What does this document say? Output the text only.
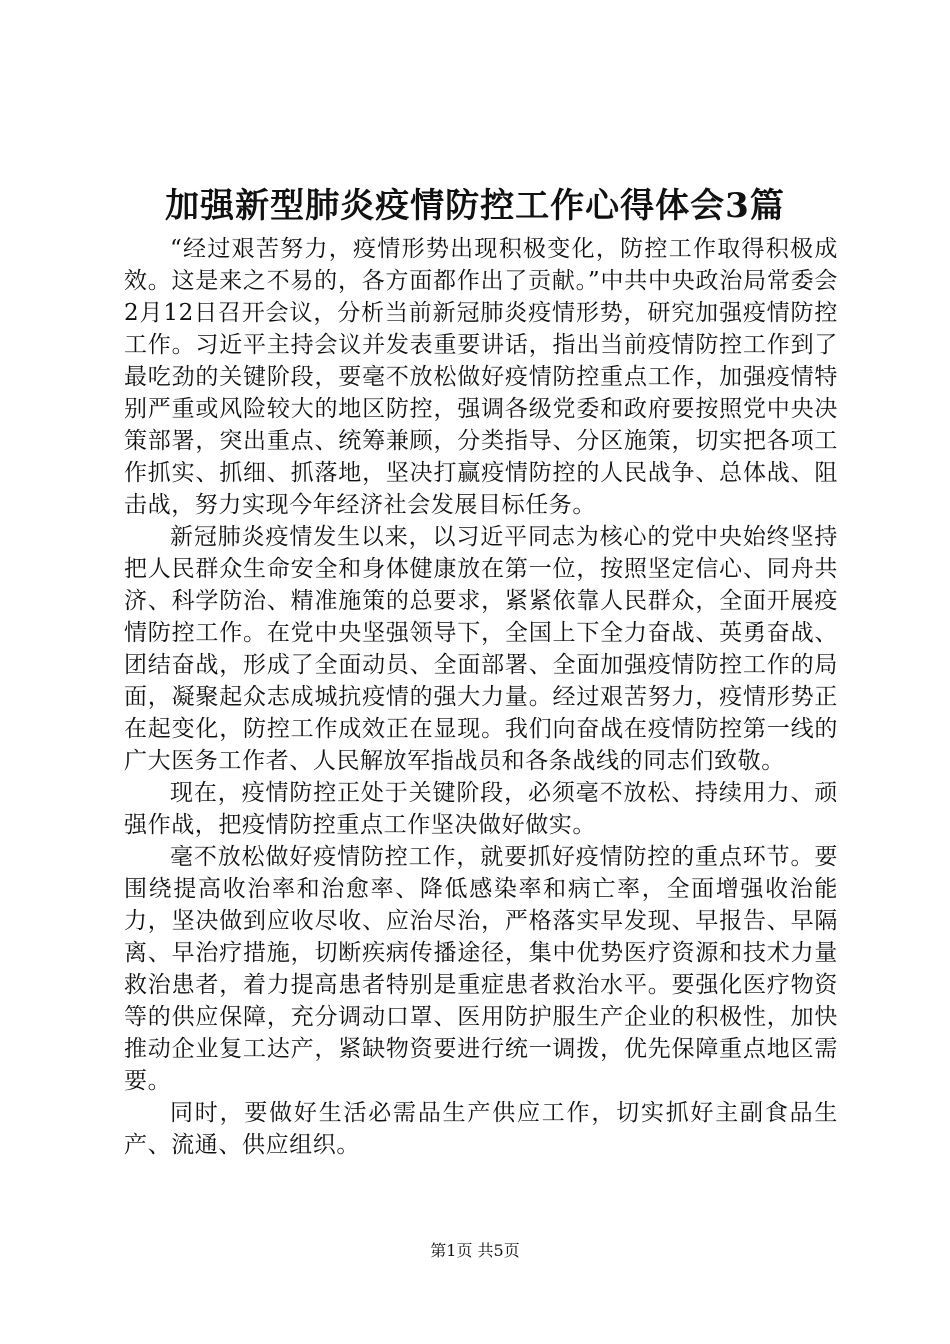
加强新型肺炎疫情防控工作心得体会3篇

“经过艰苦努力，疫情形势出现积极变化，防控工作取得积极成效。这是来之不易的，各方面都作出了贡献。”中共中央政治局常委会2月12日召开会议，分析当前新冠肺炎疫情形势，研究加强疫情防控工作。习近平主持会议并发表重要讲话，指出当前疫情防控工作到了最吃劲的关键阶段，要毫不放松做好疫情防控重点工作，加强疫情特别严重或风险较大的地区防控，强调各级党委和政府要按照党中央决策部署，突出重点、统筹兼顾，分类指导、分区施策，切实把各项工作抓实、抓细、抓落地，坚决打赢疫情防控的人民战争、总体战、阻击战，努力实现今年经济社会发展目标任务。

新冠肺炎疫情发生以来，以习近平同志为核心的党中央始终坚持把人民群众生命安全和身体健康放在第一位，按照坚定信心、同舟共济、科学防治、精准施策的总要求，紧紧依靠人民群众，全面开展疫情防控工作。在党中央坚强领导下，全国上下全力奋战、英勇奋战、团结奋战，形成了全面动员、全面部署、全面加强疫情防控工作的局面，凝聚起众志成城抗疫情的强大力量。经过艰苦努力，疫情形势正在起变化，防控工作成效正在显现。我们向奋战在疫情防控第一线的广大医务工作者、人民解放军指战员和各条战线的同志们致敬。

现在，疫情防控正处于关键阶段，必须毫不放松、持续用力、顽强作战，把疫情防控重点工作坚决做好做实。

毫不放松做好疫情防控工作，就要抓好疫情防控的重点环节。要围绕提高收治率和治愈率、降低感染率和病亡率，全面增强收治能力，坚决做到应收尽收、应治尽治，严格落实早发现、早报告、早隔离、早治疗措施，切断疾病传播途径，集中优势医疗资源和技术力量救治患者，着力提高患者特别是重症患者救治水平。要强化医疗物资等的供应保障，充分调动口罩、医用防护服生产企业的积极性，加快推动企业复工达产，紧缺物资要进行统一调拨，优先保障重点地区需要。

同时，要做好生活必需品生产供应工作，切实抓好主副食品生产、流通、供应组织。

第1页 共5页
